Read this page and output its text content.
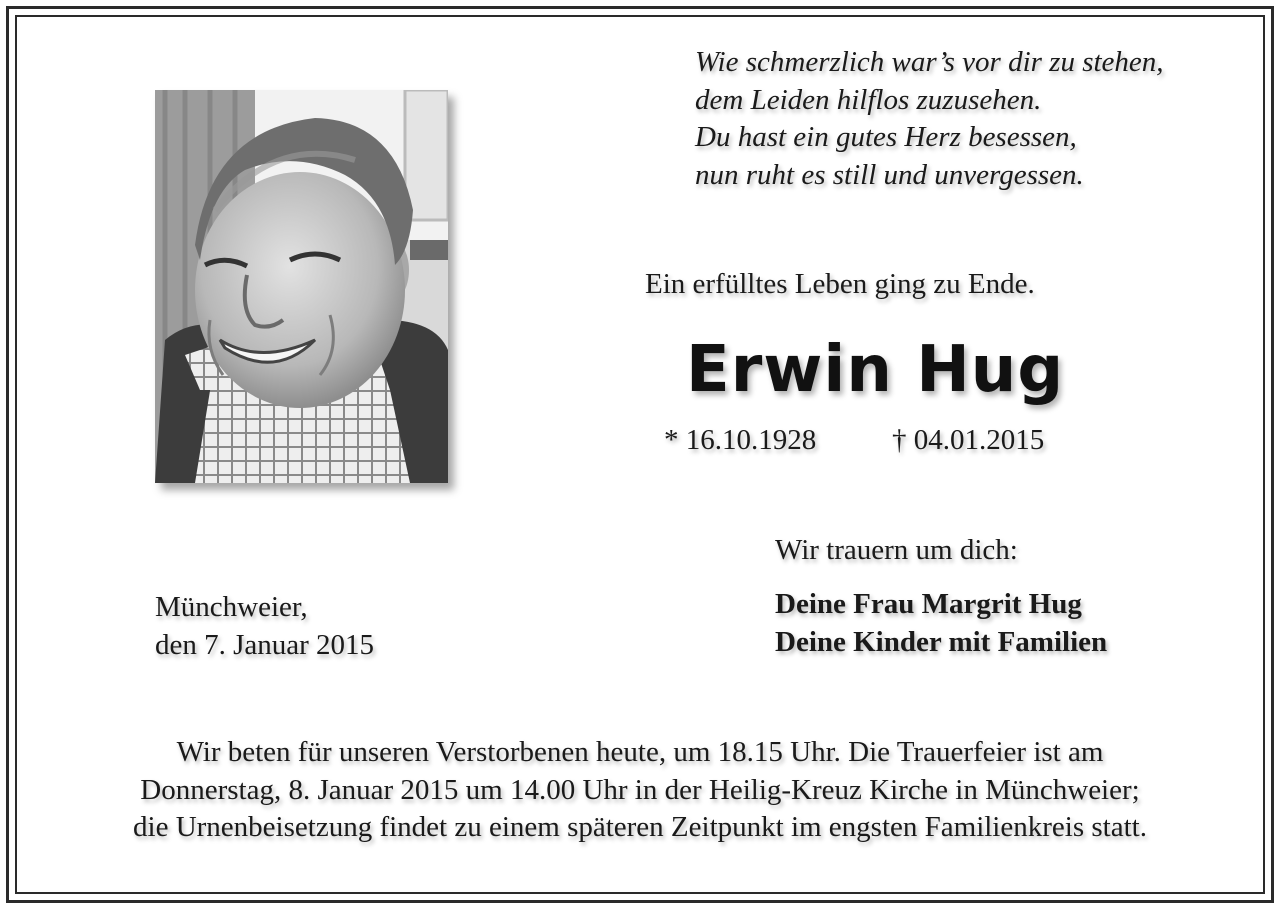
Wie schmerzlich war’s vor dir zu stehen,
dem Leiden hilflos zuzusehen.
Du hast ein gutes Herz besessen,
nun ruht es still und unvergessen.
Ein erfülltes Leben ging zu Ende.
Erwin Hug
* 16.10.1928	† 04.01.2015
Wir trauern um dich:
Deine Frau Margrit Hug
Deine Kinder mit Familien
Münchweier,
den 7. Januar 2015
Wir beten für unseren Verstorbenen heute, um 18.15 Uhr. Die Trauerfeier ist am
Donnerstag, 8. Januar 2015 um 14.00 Uhr in der Heilig-Kreuz Kirche in Münchweier;
die Urnenbeisetzung findet zu einem späteren Zeitpunkt im engsten Familienkreis statt.
